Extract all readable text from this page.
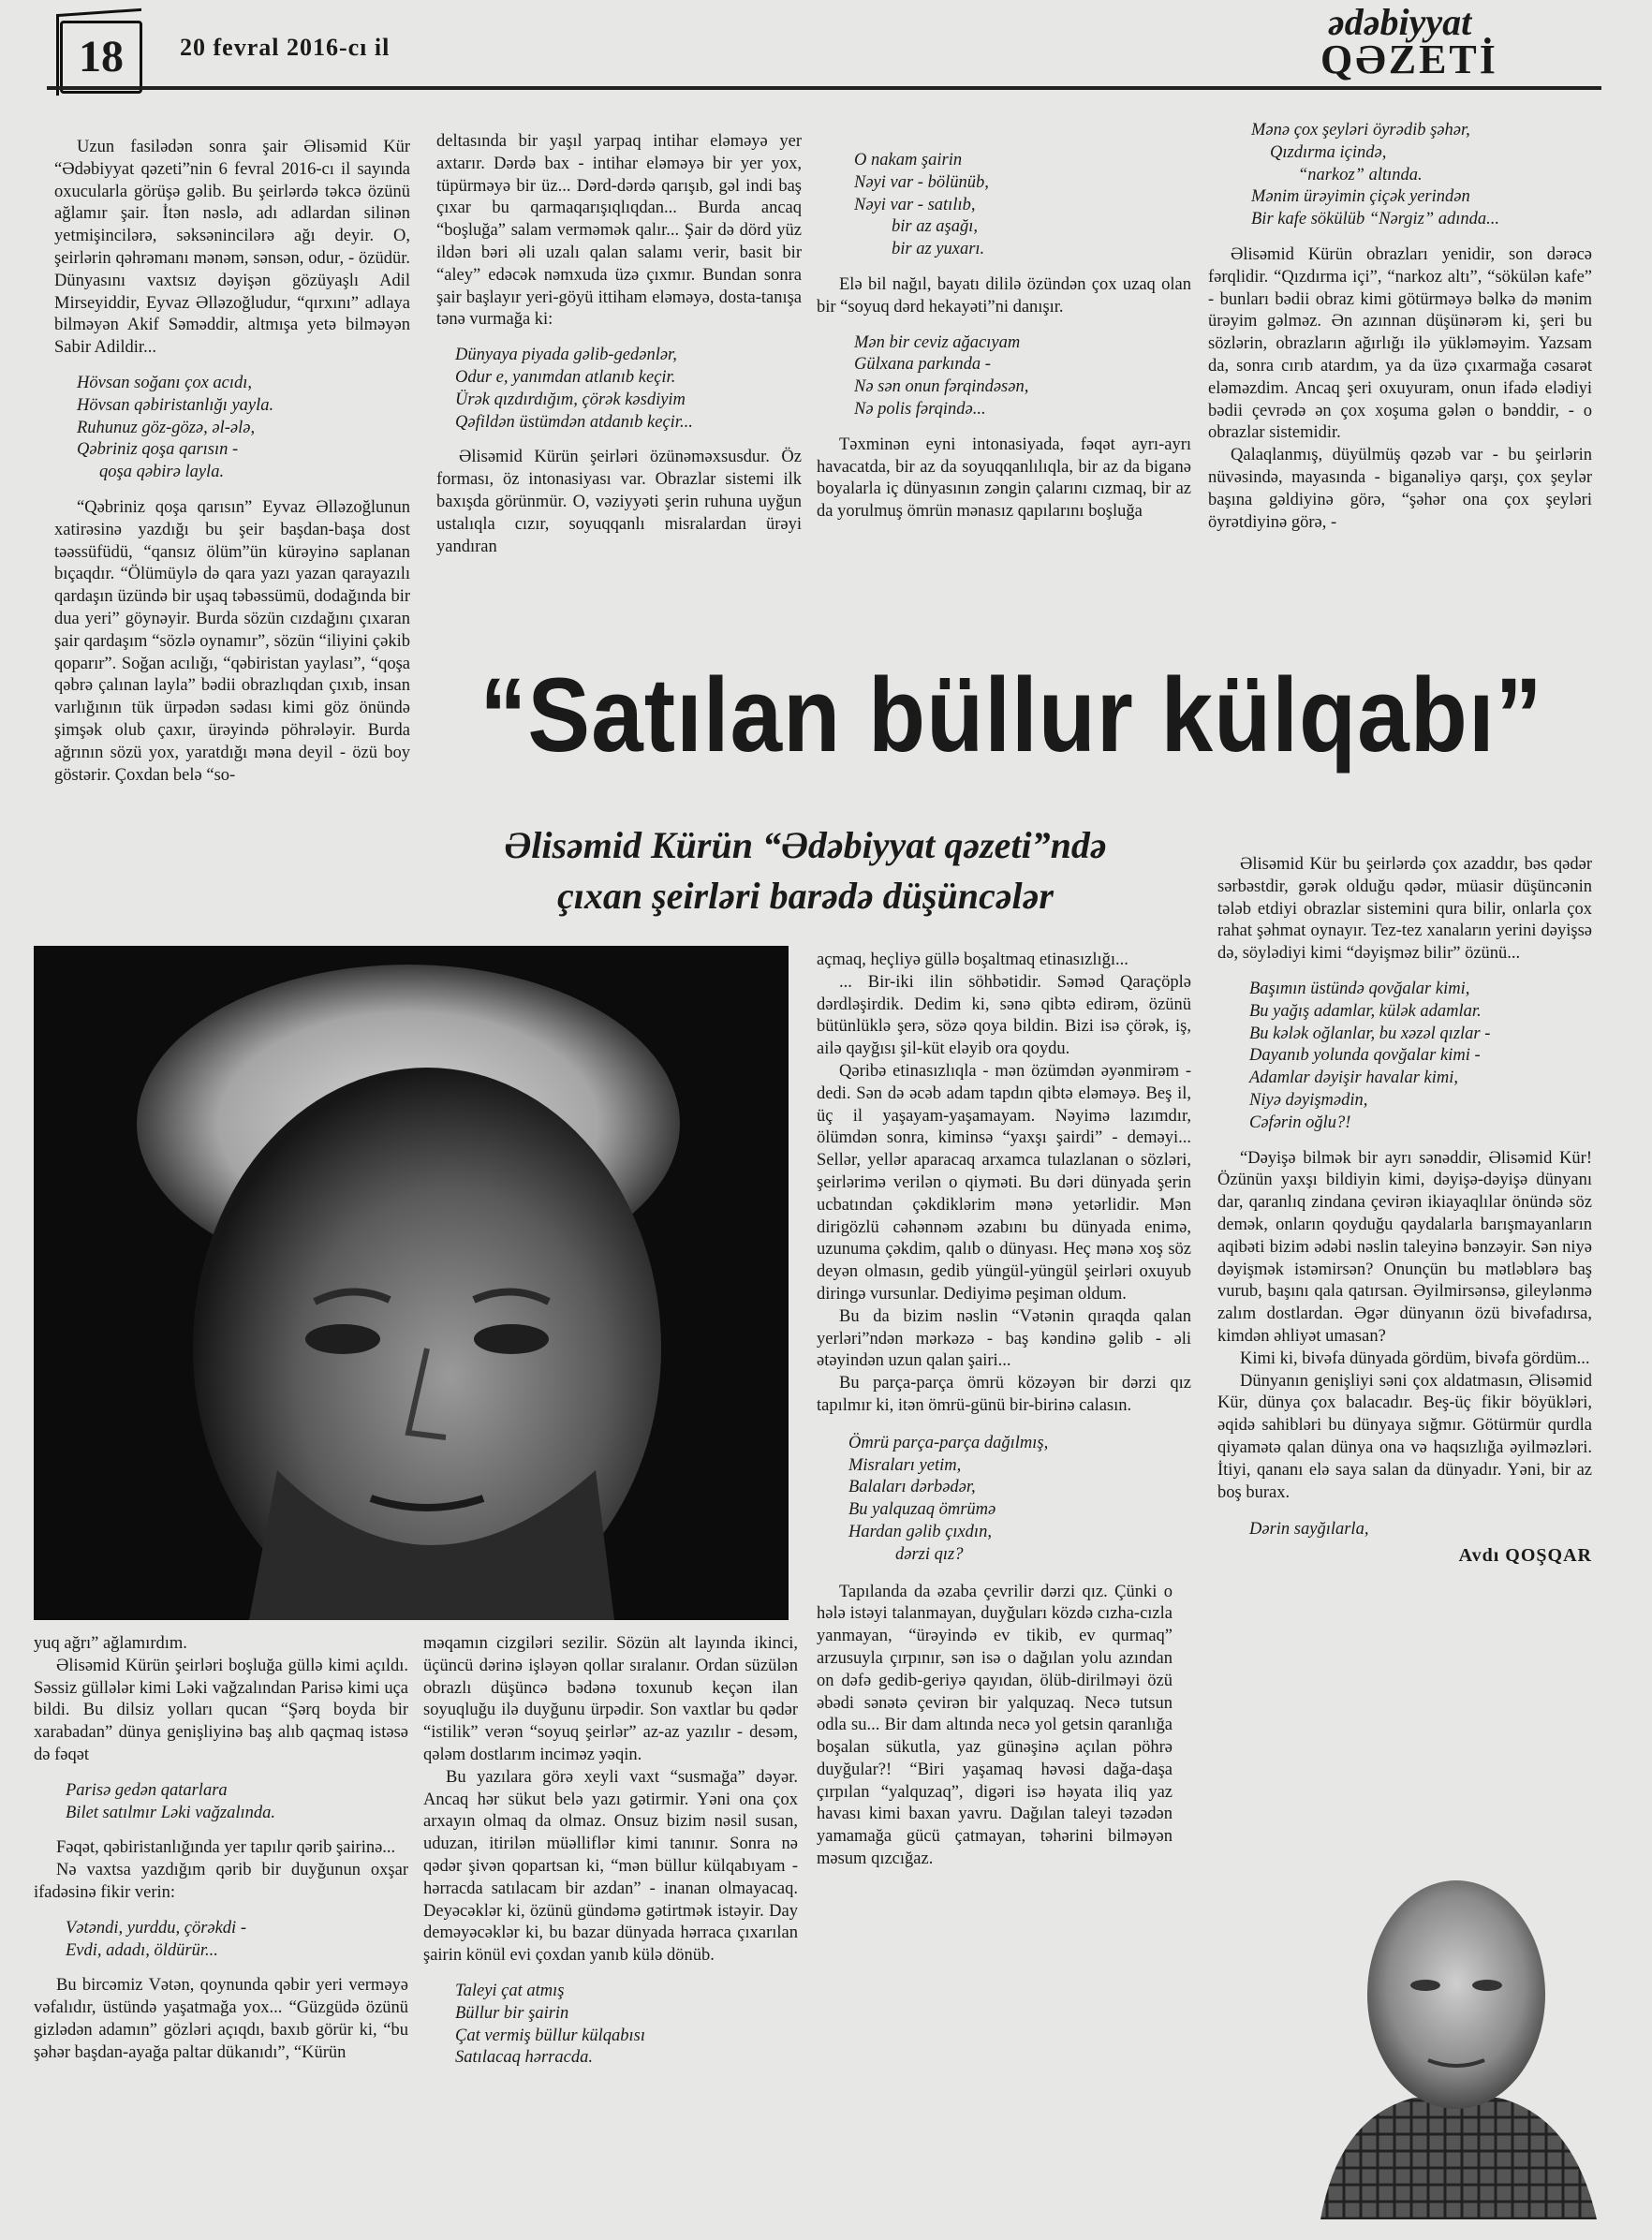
18	20 fevral 2016-cı il
ədəbiyyat
QƏZETİ

Uzun fasilədən sonra şair Əlisəmid Kür “Ədəbiyyat qəzeti”nin 6 fevral 2016-cı il sayında oxucularla görüşə gəlib. Bu şeirlərdə təkcə özünü ağlamır şair. İtən nəslə, adı adlardan silinən yetmişincilərə, səksənincilərə ağı deyir. O, şeirlərin qəhrəmanı mənəm, sənsən, odur, - özüdür. Dünyasını vaxtsız dəyişən gözüyaşlı Adil Mirseyiddir, Eyvaz Əlləzoğludur, “qırxını” adlaya bilməyən Akif Səməddir, altmışa yetə bilməyən Sabir Adildir...

Hövsan soğanı çox acıdı,
Hövsan qəbiristanlığı yayla.
Ruhunuz göz-gözə, əl-ələ,
Qəbriniz qoşa qarısın -
qoşa qəbirə layla.

“Qəbriniz qoşa qarısın” Eyvaz Əlləzoğlunun xatirəsinə yazdığı bu şeir başdan-başa dost təəssüfüdü, “qansız ölüm”ün kürəyinə saplanan bıçaqdır. “Ölümüylə də qara yazı yazan qarayazılı qardaşın üzündə bir uşaq təbəssümü, dodağında bir dua yeri” göynəyir. Burda sözün cızdağını çıxaran şair qardaşım “sözlə oynamır”, sözün “iliyini çəkib qoparır”. Soğan acılığı, “qəbiristan yaylası”, “qoşa qəbrə çalınan layla” bədii obrazlıqdan çıxıb, insan varlığının tük ürpədən sədası kimi göz önündə şimşək olub çaxır, ürəyində pöhrələyir. Burda ağrının sözü yox, yaratdığı məna deyil - özü boy göstərir. Çoxdan belə “so-

deltasında bir yaşıl yarpaq intihar eləməyə yer axtarır. Dərdə bax - intihar eləməyə bir yer yox, tüpürməyə bir üz... Dərd-dərdə qarışıb, gəl indi baş çıxar bu qarmaqarışıqlıqdan... Burda ancaq “boşluğa” salam verməmək qalır... Şair də dörd yüz ildən bəri əli uzalı qalan salamı verir, basit bir “aley” edəcək nəmxuda üzə çıxmır. Bundan sonra şair başlayır yeri-göyü ittiham eləməyə, dosta-tanışa tənə vurmağa ki:

Dünyaya piyada gəlib-gedənlər,
Odur e, yanımdan atlanıb keçir.
Ürək qızdırdığım, çörək kəsdiyim
Qəfildən üstümdən atdanıb keçir...

Əlisəmid Kürün şeirləri özünəməxsusdur. Öz forması, öz intonasiyası var. Obrazlar sistemi ilk baxışda görünmür. O, vəziyyəti şerin ruhuna uyğun ustalıqla cızır, soyuqqanlı misralardan ürəyi yandıran

O nakam şairin
Nəyi var - bölünüb,
Nəyi var - satılıb,
bir az aşağı,
bir az yuxarı.

Elə bil nağıl, bayatı dililə özündən çox uzaq olan bir “soyuq dərd hekayəti”ni danışır.

Mən bir ceviz ağacıyam
Gülxana parkında -
Nə sən onun fərqindəsən,
Nə polis fərqində...

Təxminən eyni intonasiyada, fəqət ayrı-ayrı havacatda, bir az da soyuqqanlılıqla, bir az da biganə boyalarla iç dünyasının zəngin çalarını cızmaq, bir az da yorulmuş ömrün mənasız qapılarını boşluğa

Mənə çox şeyləri öyrədib şəhər,
Qızdırma içində,
“narkoz” altında.
Mənim ürəyimin çiçək yerindən
Bir kafe sökülüb “Nərgiz” adında...

Əlisəmid Kürün obrazları yenidir, son dərəcə fərqlidir. “Qızdırma içi”, “narkoz altı”, “sökülən kafe” - bunları bədii obraz kimi götürməyə bəlkə də mənim ürəyim gəlməz. Ən azınnan düşünərəm ki, şeri bu sözlərin, obrazların ağırlığı ilə yükləməyim. Yazsam da, sonra cırıb atardım, ya da üzə çıxarmağa cəsarət eləməzdim. Ancaq şeri oxuyuram, onun ifadə elədiyi bədii çevrədə ən çox xoşuma gələn o bənddir, - o obrazlar sistemidir.

Qalaqlanmış, düyülmüş qəzəb var - bu şeirlərin nüvəsində, mayasında - biganəliyə qarşı, çox şeylər başına gəldiyinə görə, “şəhər ona çox şeyləri öyrətdiyinə görə, -

“Satılan büllur külqabı”
Əlisəmid Kürün “Ədəbiyyat qəzeti”ndə
çıxan şeirləri barədə düşüncələr

Əlisəmid Kür bu şeirlərdə çox azaddır, bəs qədər sərbəstdir, gərək olduğu qədər, müasir düşüncənin tələb etdiyi obrazlar sistemini qura bilir, onlarla çox rahat şəhmat oynayır. Tez-tez xanaların yerini dəyişsə də, söylədiyi kimi “dəyişməz bilir” özünü...

Başımın üstündə qovğalar kimi,
Bu yağış adamlar, külək adamlar.
Bu kələk oğlanlar, bu xəzəl qızlar -
Dayanıb yolunda qovğalar kimi -
Adamlar dəyişir havalar kimi,
Niyə dəyişmədin,
Cəfərin oğlu?!

“Dəyişə bilmək bir ayrı sənəddir, Əlisəmid Kür! Özünün yaxşı bildiyin kimi, dəyişə-dəyişə dünyanı dar, qaranlıq zindana çevirən ikiayaqlılar önündə söz demək, onların qoyduğu qaydalarla barışmayanların aqibəti bizim ədəbi nəslin taleyinə bənzəyir. Sən niyə dəyişmək istəmirsən? Onunçün bu mətləblərə baş vurub, başını qala qatırsan. Əyilmirsənsə, gileylənmə zalım dostlardan. Əgər dünyanın özü bivəfadırsa, kimdən əhliyət umasan?

Kimi ki, bivəfa dünyada gördüm, bivəfa gördüm...

Dünyanın genişliyi səni çox aldatmasın, Əlisəmid Kür, dünya çox balacadır. Beş-üç fikir böyükləri, əqidə sahibləri bu dünyaya sığmır. Götürmür qurdla qiyamətə qalan dünya ona və haqsızlığa əyilməzləri. İtiyi, qananı elə saya salan da dünyadır. Yəni, bir az boş burax.

Dərin sayğılarla,
Avdı QOŞQAR

açmaq, heçliyə güllə boşaltmaq etinasızlığı...

... Bir-iki ilin söhbətidir. Səməd Qaraçöplə dərdləşirdik. Dedim ki, sənə qibtə edirəm, özünü bütünlüklə şerə, sözə qoya bildin. Bizi isə çörək, iş, ailə qayğısı şil-küt eləyib ora qoydu.

Qəribə etinasızlıqla - mən özümdən əyənmirəm - dedi. Sən də əcəb adam tapdın qibtə eləməyə. Beş il, üç il yaşayam-yaşamayam. Nəyimə lazımdır, ölümdən sonra, kiminsə “yaxşı şairdi” - deməyi... Sellər, yellər aparacaq arxamca tulazlanan o sözləri, şeirlərimə verilən o qiyməti. Bu dəri dünyada şerin ucbatından çəkdiklərim mənə yetərlidir. Mən dirigözlü cəhənnəm əzabını bu dünyada enimə, uzunuma çəkdim, qalıb o dünyası. Heç mənə xoş söz deyən olmasın, gedib yüngül-yüngül şeirləri oxuyub diringə vursunlar. Dediyimə peşiman oldum.

Bu da bizim nəslin “Vətənin qıraqda qalan yerləri”ndən mərkəzə - baş kəndinə gəlib - əli ətəyindən uzun qalan şairi...

Bu parça-parça ömrü közəyən bir dərzi qız tapılmır ki, itən ömrü-günü bir-birinə calasın.

Ömrü parça-parça dağılmış,
Misraları yetim,
Balaları dərbədər,
Bu yalquzaq ömrümə
Hardan gəlib çıxdın,
dərzi qız?

Tapılanda da əzaba çevrilir dərzi qız. Çünki o hələ istəyi talanmayan, duyğuları közdə cızha-cızla yanmayan, “ürəyində ev tikib, ev qurmaq” arzusuyla çırpınır, sən isə o dağılan yolu azından on dəfə gedib-geriyə qayıdan, ölüb-dirilməyi özü əbədi sənətə çevirən bir yalquzaq. Necə tutsun odla su... Bir dam altında necə yol getsin qaranlığa boşalan sükutla, yaz günəşinə açılan pöhrə duyğular?! “Biri yaşamaq həvəsi dağa-daşa çırpılan “yalquzaq”, digəri isə həyata iliq yaz havası kimi baxan yavru. Dağılan taleyi təzədən yamamağa gücü çatmayan, təhərini bilməyən məsum qızcığaz.

yuq ağrı” ağlamırdım.

Əlisəmid Kürün şeirləri boşluğa güllə kimi açıldı. Səssiz güllələr kimi Ləki vağzalından Parisə kimi uça bildi. Bu dilsiz yolları qucan “Şərq boyda bir xarabadan” dünya genişliyinə baş alıb qaçmaq istəsə də fəqət

Parisə gedən qatarlara
Bilet satılmır Ləki vağzalında.

Fəqət, qəbiristanlığında yer tapılır qərib şairinə...

Nə vaxtsa yazdığım qərib bir duyğunun oxşar ifadəsinə fikir verin:

Vətəndi, yurddu, çörəkdi -
Evdi, adadı, öldürür...

Bu bircəmiz Vətən, qoynunda qəbir yeri verməyə vəfalıdır, üstündə yaşatmağa yox... “Güzgüdə özünü gizlədən adamın” gözləri açıqdı, baxıb görür ki, “bu şəhər başdan-ayağa paltar dükanıdı”, “Kürün

məqamın cizgiləri sezilir. Sözün alt layında ikinci, üçüncü dərinə işləyən qollar sıralanır. Ordan süzülən obrazlı düşüncə bədənə toxunub keçən ilan soyuqluğu ilə duyğunu ürpədir. Son vaxtlar bu qədər “istilik” verən “soyuq şeirlər” az-az yazılır - desəm, qələm dostlarım inciməz yəqin.

Bu yazılara görə xeyli vaxt “susmağa” dəyər. Ancaq hər sükut belə yazı gətirmir. Yəni ona çox arxayın olmaq da olmaz. Onsuz bizim nəsil susan, uduzan, itirilən müəlliflər kimi tanınır. Sonra nə qədər şivən qopartsan ki, “mən büllur külqabıyam - hərracda satılacam bir azdan” - inanan olmayacaq. Deyəcəklər ki, özünü gündəmə gətirtmək istəyir. Day deməyəcəklər ki, bu bazar dünyada hərraca çıxarılan şairin könül evi çoxdan yanıb külə dönüb.

Taleyi çat atmış
Büllur bir şairin
Çat vermiş büllur külqabısı
Satılacaq hərracda.
